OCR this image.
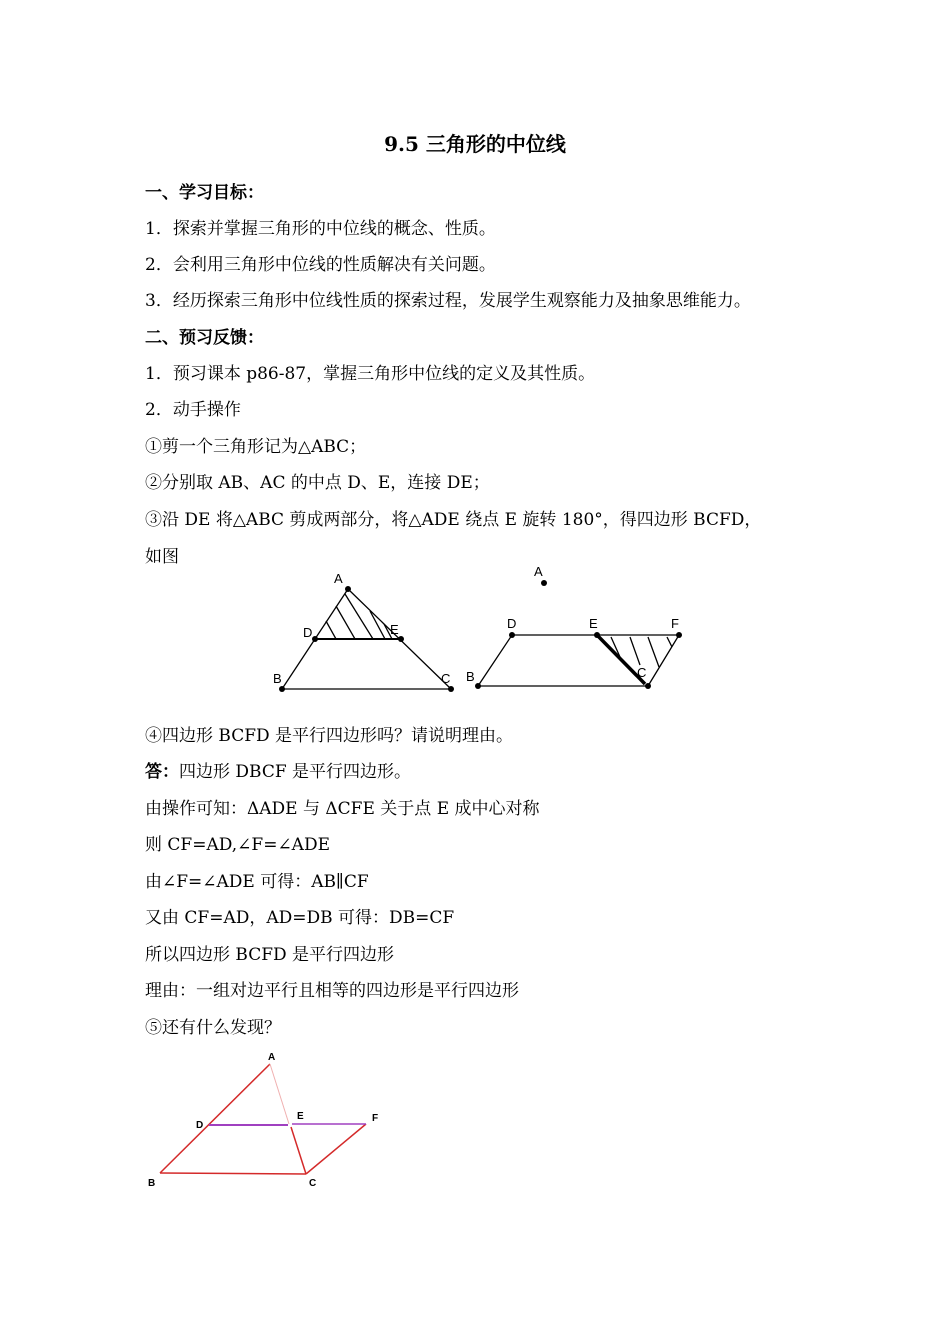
9.5 三角形的中位线
一、学习目标：
1．探索并掌握三角形的中位线的概念、性质。
2．会利用三角形中位线的性质解决有关问题。
3．经历探索三角形中位线性质的探索过程，发展学生观察能力及抽象思维能力。
二、预习反馈：
1．预习课本 p86-87，掌握三角形中位线的定义及其性质。
2．动手操作
①剪一个三角形记为△ABC；
②分别取 AB、AC 的中点 D、E，连接 DE；
③沿 DE 将△ABC 剪成两部分，将△ADE 绕点 E 旋转 180°，得四边形 BCFD，
如图
A
D	E
B	C
A
D	E	F
B	C
A
D
E	F
B	C
④四边形 BCFD 是平行四边形吗？请说明理由。
答：四边形 DBCF 是平行四边形。
由操作可知：ΔADE 与 ΔCFE 关于点 E 成中心对称
则 CF=AD,∠F=∠ADE
由∠F=∠ADE 可得：AB∥CF
又由 CF=AD，AD=DB 可得：DB=CF
所以四边形 BCFD 是平行四边形
理由：一组对边平行且相等的四边形是平行四边形
⑤还有什么发现？
